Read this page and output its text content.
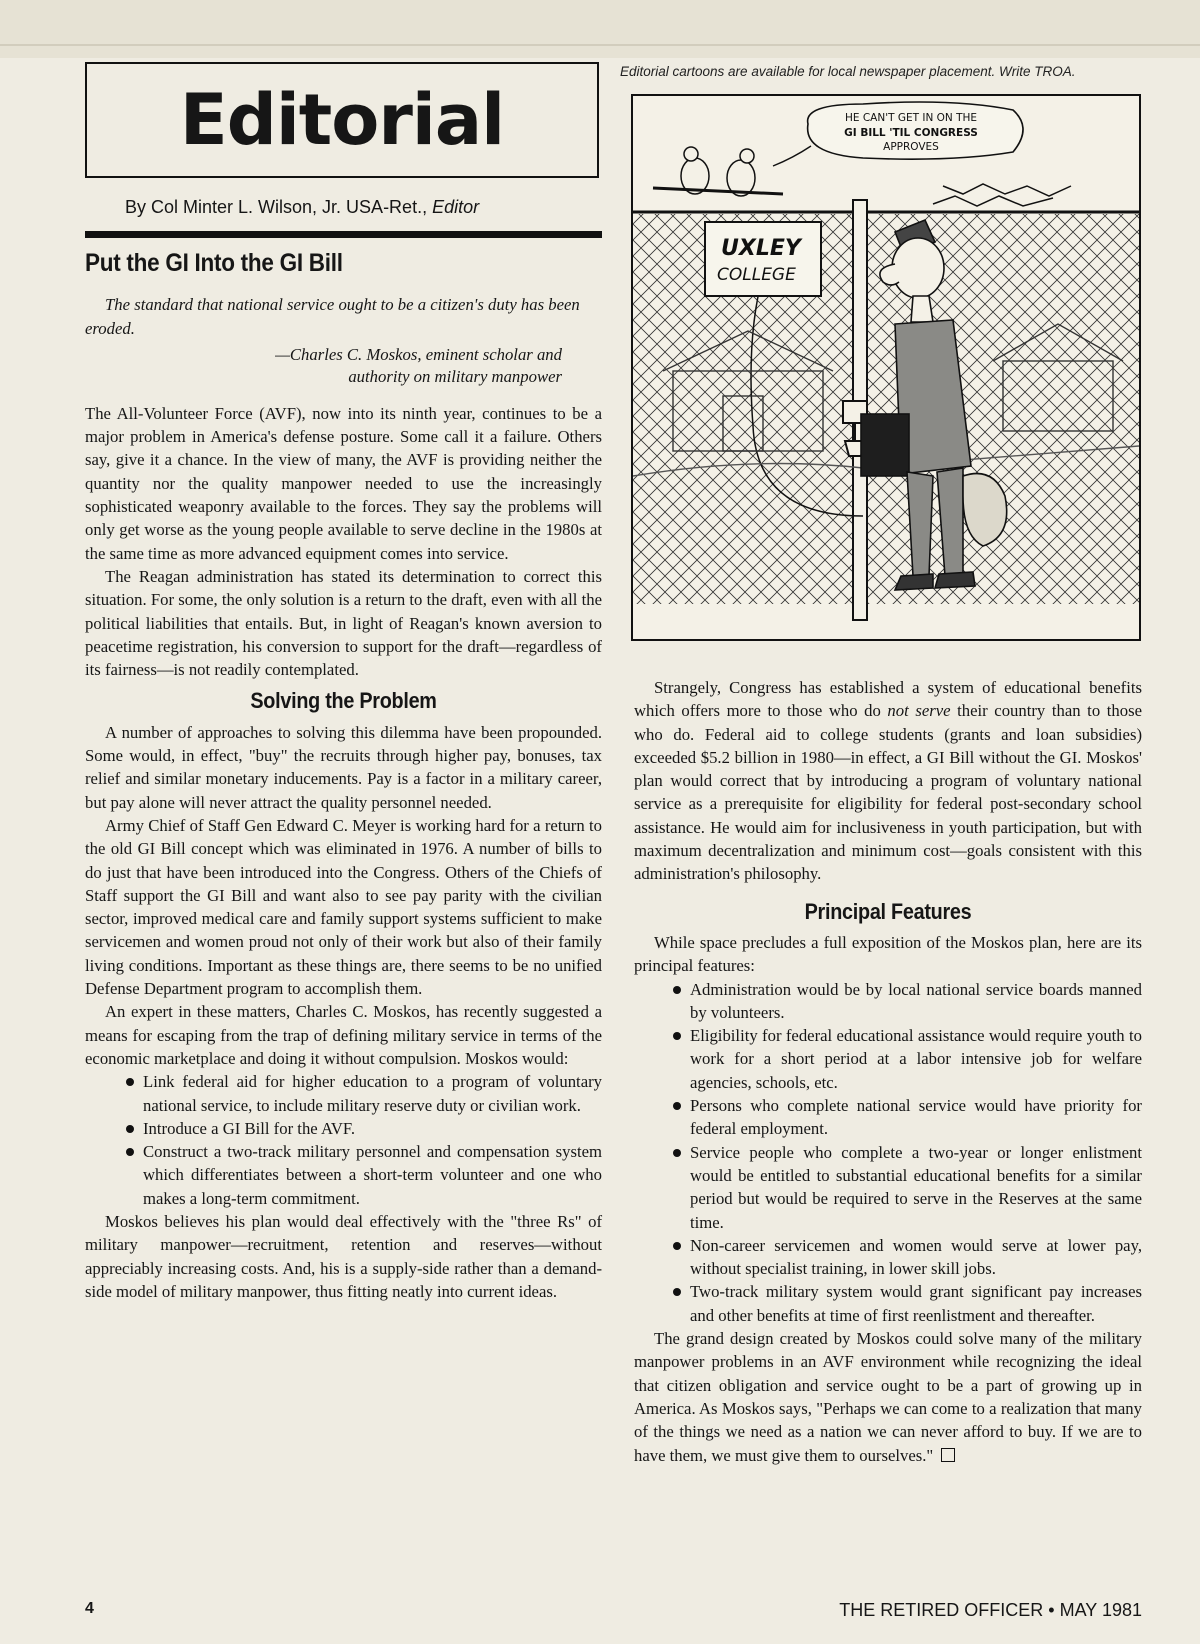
Editorial
By Col Minter L. Wilson, Jr. USA-Ret., Editor
Editorial cartoons are available for local newspaper placement. Write TROA.
UXLEY
COLLEGE
HE CAN'T GET IN ON THE
GI BILL 'TIL CONGRESS
APPROVES
Put the GI Into the GI Bill

The standard that national service ought to be a citizen's duty has been eroded.

—Charles C. Moskos, eminent scholar and
authority on military manpower

The All-Volunteer Force (AVF), now into its ninth year, continues to be a major problem in America's defense posture. Some call it a failure. Others say, give it a chance. In the view of many, the AVF is providing neither the quantity nor the quality manpower needed to use the increasingly sophisticated weaponry available to the forces. They say the problems will only get worse as the young people available to serve decline in the 1980s at the same time as more advanced equipment comes into service.

The Reagan administration has stated its determination to correct this situation. For some, the only solution is a return to the draft, even with all the political liabilities that entails. But, in light of Reagan's known aversion to peacetime registration, his conversion to support for the draft—regardless of its fairness—is not readily contemplated.

Solving the Problem

A number of approaches to solving this dilemma have been propounded. Some would, in effect, "buy" the recruits through higher pay, bonuses, tax relief and similar monetary inducements. Pay is a factor in a military career, but pay alone will never attract the quality personnel needed.

Army Chief of Staff Gen Edward C. Meyer is working hard for a return to the old GI Bill concept which was eliminated in 1976. A number of bills to do just that have been introduced into the Congress. Others of the Chiefs of Staff support the GI Bill and want also to see pay parity with the civilian sector, improved medical care and family support systems sufficient to make servicemen and women proud not only of their work but also of their family living conditions. Important as these things are, there seems to be no unified Defense Department program to accomplish them.

An expert in these matters, Charles C. Moskos, has recently suggested a means for escaping from the trap of defining military service in terms of the economic marketplace and doing it without compulsion. Moskos would:

Link federal aid for higher education to a program of voluntary national service, to include military reserve duty or civilian work.
Introduce a GI Bill for the AVF.
Construct a two-track military personnel and compensation system which differentiates between a short-term volunteer and one who makes a long-term commitment.

Moskos believes his plan would deal effectively with the "three Rs" of military manpower—recruitment, retention and reserves—without appreciably increasing costs. And, his is a supply-side rather than a demand-side model of military manpower, thus fitting neatly into current ideas.

Strangely, Congress has established a system of educational benefits which offers more to those who do not serve their country than to those who do. Federal aid to college students (grants and loan subsidies) exceeded $5.2 billion in 1980—in effect, a GI Bill without the GI. Moskos' plan would correct that by introducing a program of voluntary national service as a prerequisite for eligibility for federal post-secondary school assistance. He would aim for inclusiveness in youth participation, but with maximum decentralization and minimum cost—goals consistent with this administration's philosophy.

Principal Features

While space precludes a full exposition of the Moskos plan, here are its principal features:

Administration would be by local national service boards manned by volunteers.
Eligibility for federal educational assistance would require youth to work for a short period at a labor intensive job for welfare agencies, schools, etc.
Persons who complete national service would have priority for federal employment.
Service people who complete a two-year or longer enlistment would be entitled to substantial educational benefits for a similar period but would be required to serve in the Reserves at the same time.
Non-career servicemen and women would serve at lower pay, without specialist training, in lower skill jobs.
Two-track military system would grant significant pay increases and other benefits at time of first reenlistment and thereafter.

The grand design created by Moskos could solve many of the military manpower problems in an AVF environment while recognizing the ideal that citizen obligation and service ought to be a part of growing up in America. As Moskos says, "Perhaps we can come to a realization that many of the things we need as a nation we can never afford to buy. If we are to have them, we must give them to ourselves."

4	THE RETIRED OFFICER • MAY 1981
